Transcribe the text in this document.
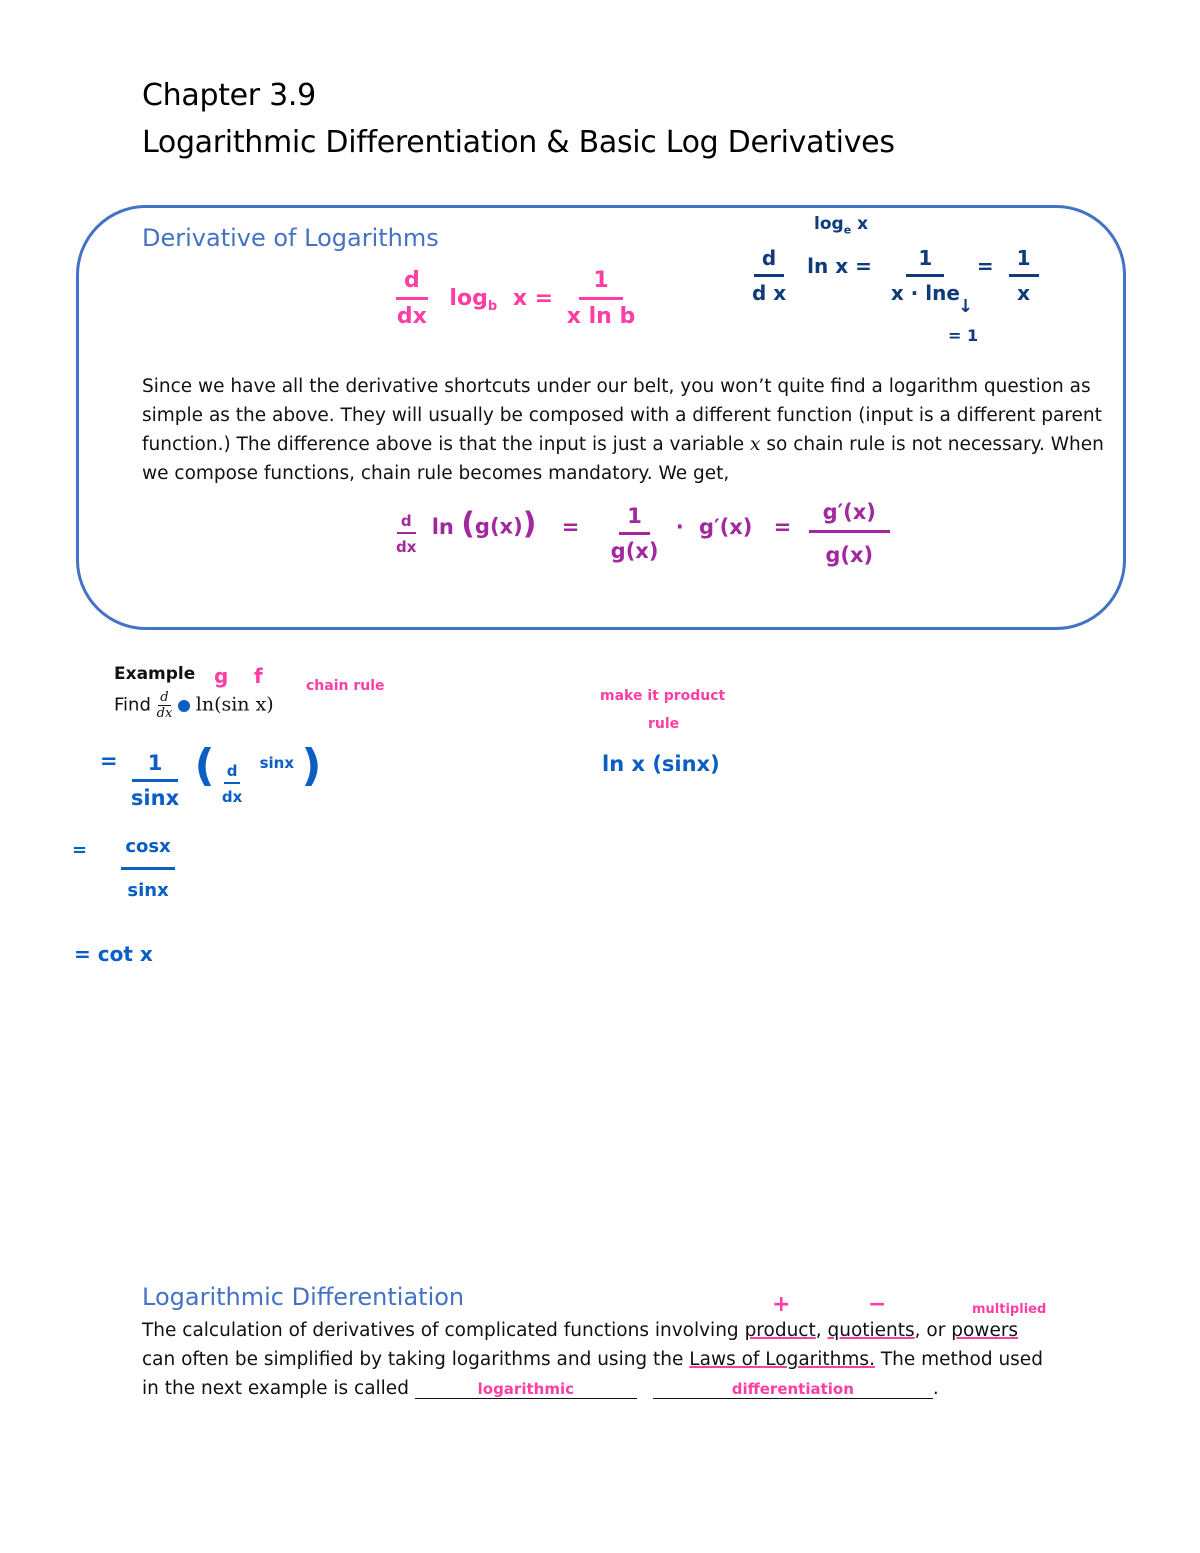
Chapter 3.9
Logarithmic Differentiation & Basic Log Derivatives
Derivative of Logarithms
$\frac{d}{dx} \log_b x = \frac{1}{\text{x ln b}}$
$\log_e x$
$\frac{d}{\text{d x}}$ $\ln x = \frac{1}{x \cdot \ln e} = \frac{1}{x}$
↓
= 1
Since we have all the derivative shortcuts under our belt, you won’t quite find a logarithm question as simple as the above. They will usually be composed with a different function (input is a different parent function.) The difference above is that the input is just a variable x so chain rule is not necessary. When we compose functions, chain rule becomes mandatory. We get,
$\frac{d}{dx}$ $\ln (g(x)) = \frac{1}{g(x)} \cdot g'(x) = \frac{g'(x)}{g(x)}$
Example
Find $\frac{d}{dx} \ln(\sin$ x)
g f	chain rule
make it product
rule
ln x (sinx)
= $\frac{1}{\sin x}$ ( $\frac{d}{dx} ^{sinx}$ )
= $\frac{\cos x}{\sin x}$
= cot x
Logarithmic Differentiation	+	−	multiplied
The calculation of derivatives of complicated functions involving product, quotients, or powers
can often be simplified by taking logarithms and using the Laws of Logarithms. The method used
in the next example is called	logarithmic	differentiation	.
